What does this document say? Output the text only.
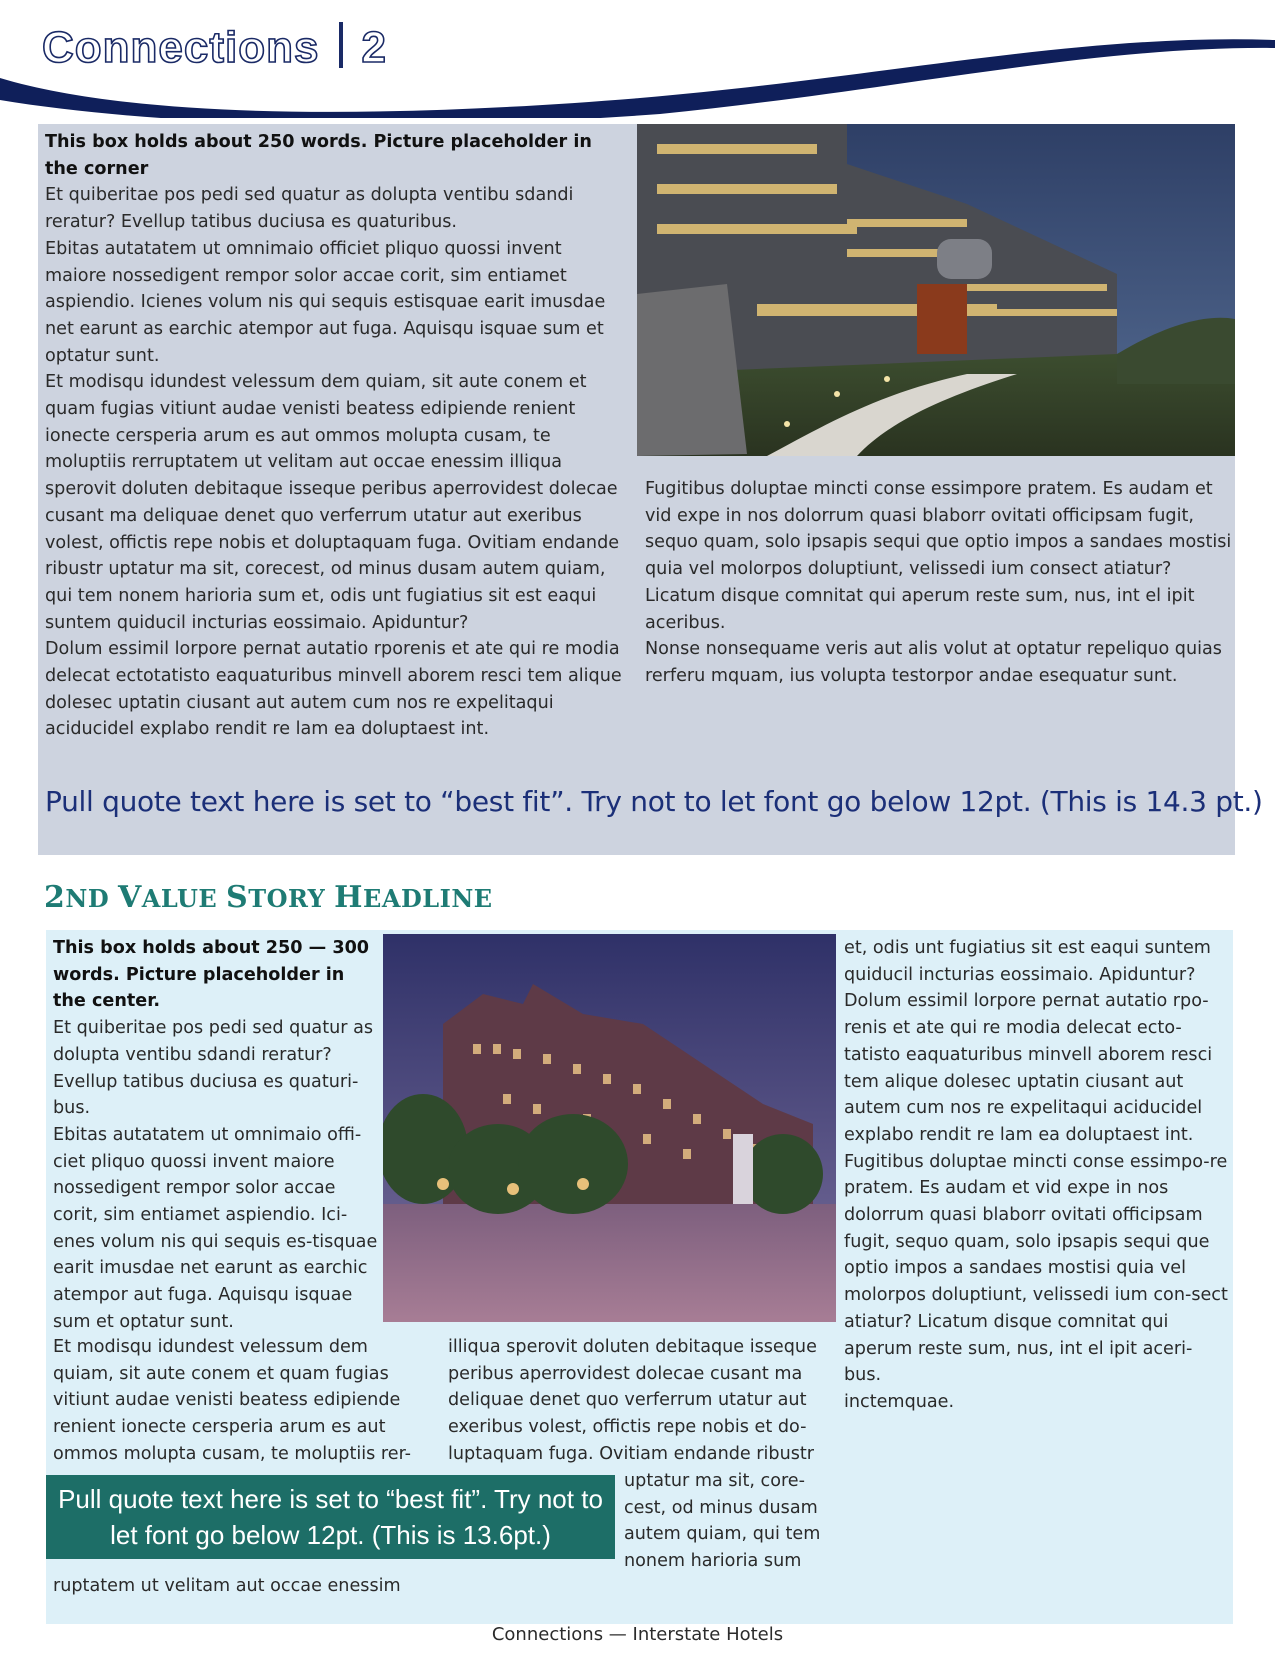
Connections 2

This box holds about 250 words. Picture placeholder in the corner

Et quiberitae pos pedi sed quatur as dolupta ventibu sdandi reratur? Evellup tatibus duciusa es quaturibus.

Ebitas autatatem ut omnimaio officiet pliquo quossi invent maiore nossedigent rempor solor accae corit, sim entiamet aspiendio. Icienes volum nis qui sequis estisquae earit imusdae net earunt as earchic atempor aut fuga. Aquisqu isquae sum et optatur sunt.

Et modisqu idundest velessum dem quiam, sit aute conem et quam fugias vitiunt audae venisti beatess edipiende renient ionecte cersperia arum es aut ommos molupta cusam, te moluptiis rerruptatem ut velitam aut occae enessim illiqua sperovit doluten debitaque isseque peribus aperrovidest dolecae cusant ma deliquae denet quo verferrum utatur aut exeribus volest, offictis repe nobis et doluptaquam fuga. Ovitiam endande ribustr uptatur ma sit, corecest, od minus dusam autem quiam, qui tem nonem harioria sum et, odis unt fugiatius sit est eaqui suntem quiducil incturias eossimaio. Apiduntur?

Dolum essimil lorpore pernat autatio rporenis et ate qui re modia delecat ectotatisto eaquaturibus minvell aborem resci tem alique dolesec uptatin ciusant aut autem cum nos re expelitaqui aciducidel explabo rendit re lam ea doluptaest int.

Fugitibus doluptae mincti conse essimpore pratem. Es audam et vid expe in nos dolorrum quasi blaborr ovitati officipsam fugit, sequo quam, solo ipsapis sequi que optio impos a sandaes mostisi quia vel molorpos doluptiunt, velissedi ium consect atiatur? Licatum disque comnitat qui aperum reste sum, nus, int el ipit aceribus.

Nonse nonsequame veris aut alis volut at optatur repeliquo quias rerferu mquam, ius volupta testorpor andae esequatur sunt.

Pull quote text here is set to “best fit”. Try not to let font go below 12pt. (This is 14.3 pt.)
2ND VALUE STORY HEADLINE

This box holds about 250 — 300 words. Picture placeholder in the center.

Et quiberitae pos pedi sed quatur as dolupta ventibu sdandi reratur? Evellup tatibus duciusa es quaturi-bus.

Ebitas autatatem ut omnimaio offi-ciet pliquo quossi invent maiore nossedigent rempor solor accae corit, sim entiamet aspiendio. Ici-enes volum nis qui sequis es-tisquae earit imusdae net earunt as earchic atempor aut fuga. Aquisqu isquae sum et optatur sunt.

Et modisqu idundest velessum dem quiam, sit aute conem et quam fugias vitiunt audae venisti beatess edipiende renient ionecte cersperia arum es aut ommos molupta cusam, te moluptiis rer-

illiqua sperovit doluten debitaque isseque peribus aperrovidest dolecae cusant ma deliquae denet quo verferrum utatur aut exeribus volest, offictis repe nobis et do-luptaquam fuga. Ovitiam endande ribustr

uptatur ma sit, core-cest, od minus dusam autem quiam, qui tem nonem harioria sum

et, odis unt fugiatius sit est eaqui suntem quiducil incturias eossimaio. Apiduntur?

Dolum essimil lorpore pernat autatio rpo-renis et ate qui re modia delecat ecto-tatisto eaquaturibus minvell aborem resci tem alique dolesec uptatin ciusant aut autem cum nos re expelitaqui aciducidel explabo rendit re lam ea doluptaest int.

Fugitibus doluptae mincti conse essimpo-re pratem. Es audam et vid expe in nos dolorrum quasi blaborr ovitati officipsam fugit, sequo quam, solo ipsapis sequi que optio impos a sandaes mostisi quia vel molorpos doluptiunt, velissedi ium con-sect atiatur? Licatum disque comnitat qui aperum reste sum, nus, int el ipit aceri-bus.

inctemquae.

Pull quote text here is set to “best fit”. Try not to let font go below 12pt. (This is 13.6pt.)
ruptatem ut velitam aut occae enessim
Connections — Interstate Hotels
